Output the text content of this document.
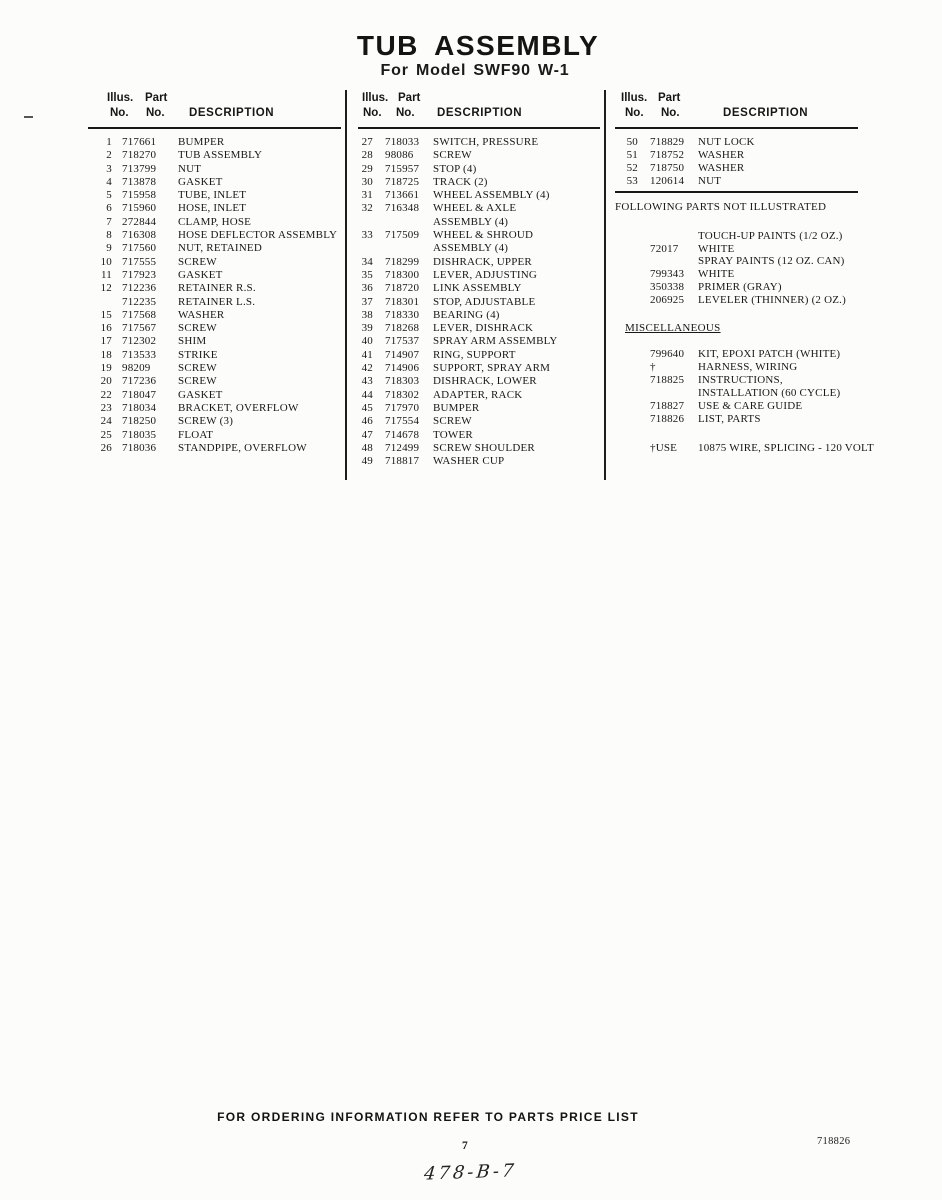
TUB ASSEMBLY
For Model SWF90 W-1
Illus. Part
No. No. DESCRIPTION
1 717661	BUMPER
2 718270	TUB ASSEMBLY
3 713799	NUT
4 713878	GASKET
5 715958	TUBE, INLET
6 715960	HOSE, INLET
7 272844	CLAMP, HOSE
8 716308	HOSE DEFLECTOR ASSEMBLY
9 717560	NUT, RETAINED
10 717555	SCREW
11 717923	GASKET
12 712236	RETAINER R.S.
712235	RETAINER L.S.
15 717568	WASHER
16 717567	SCREW
17 712302	SHIM
18 713533	STRIKE
19 98209	SCREW
20 717236	SCREW
22 718047	GASKET
23 718034	BRACKET, OVERFLOW
24 718250	SCREW (3)
25 718035	FLOAT
26 718036	STANDPIPE, OVERFLOW
Illus. Part
No. No. DESCRIPTION
27 718033	SWITCH, PRESSURE
28 98086	SCREW
29 715957	STOP (4)
30 718725	TRACK (2)
31 713661	WHEEL ASSEMBLY (4)
32 716348	WHEEL & AXLE
ASSEMBLY (4)
33 717509	WHEEL & SHROUD
ASSEMBLY (4)
34 718299	DISHRACK, UPPER
35 718300	LEVER, ADJUSTING
36 718720	LINK ASSEMBLY
37 718301	STOP, ADJUSTABLE
38 718330	BEARING (4)
39 718268	LEVER, DISHRACK
40 717537	SPRAY ARM ASSEMBLY
41 714907	RING, SUPPORT
42 714906	SUPPORT, SPRAY ARM
43 718303	DISHRACK, LOWER
44 718302	ADAPTER, RACK
45 717970	BUMPER
46 717554	SCREW
47 714678	TOWER
48 712499	SCREW SHOULDER
49 718817	WASHER CUP
Illus. Part
No. No.	DESCRIPTION
50 718829	NUT LOCK
51 718752	WASHER
52 718750	WASHER
53 120614	NUT
FOLLOWING PARTS NOT ILLUSTRATED
TOUCH-UP PAINTS (1/2 OZ.)
72017	WHITE
SPRAY PAINTS (12 OZ. CAN)
799343	WHITE
350338	PRIMER (GRAY)
206925	LEVELER (THINNER) (2 OZ.)
MISCELLANEOUS
799640	KIT, EPOXI PATCH (WHITE)
†	HARNESS, WIRING
718825	INSTRUCTIONS,
INSTALLATION (60 CYCLE)
718827	USE & CARE GUIDE
718826	LIST, PARTS
†USE	10875 WIRE, SPLICING - 120 VOLT
FOR ORDERING INFORMATION REFER TO PARTS PRICE LIST
7
478-B-7
718826
